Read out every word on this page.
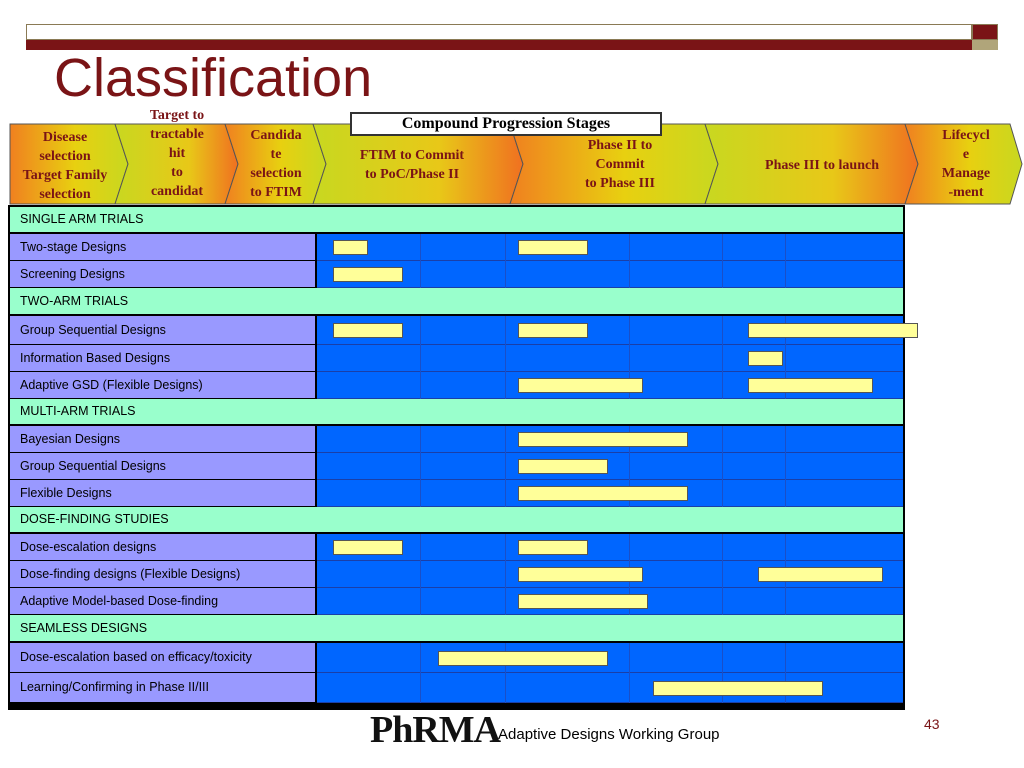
Classification
Compound Progression Stages
Disease
selection
Target Family
selection
Target to
tractable
hit
to
candidat
Candida
te
selection
to FTIM
FTIM to Commit
to PoC/Phase II
Phase II to
Commit
to Phase III
Phase III to launch
Lifecycl
e
Manage
-ment
SINGLE ARM TRIALS
Two-stage Designs
Screening Designs
TWO-ARM TRIALS
Group Sequential Designs
Information Based Designs
Adaptive GSD (Flexible Designs)
MULTI-ARM TRIALS
Bayesian Designs
Group Sequential Designs
Flexible Designs
DOSE-FINDING STUDIES
Dose-escalation designs
Dose-finding designs (Flexible Designs)
Adaptive Model-based Dose-finding
SEAMLESS DESIGNS
Dose-escalation based on efficacy/toxicity
Learning/Confirming in Phase II/III
PhRMA
Adaptive Designs Working Group
43
